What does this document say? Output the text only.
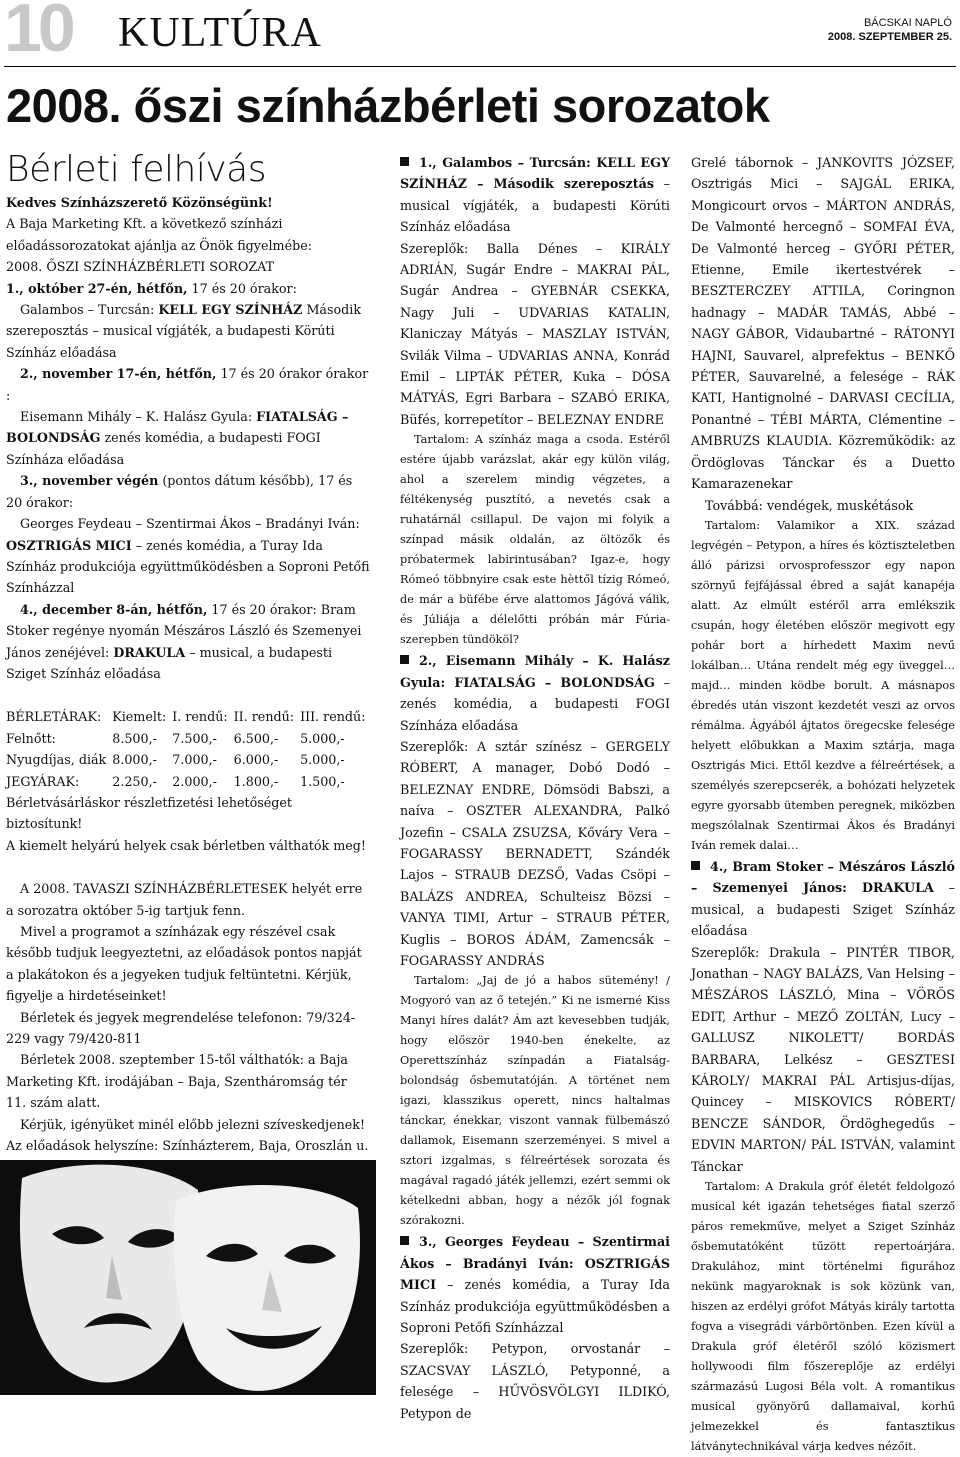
10 KULTÚRA	BÁCSKAI NAPLÓ
2008. SZEPTEMBER 25.
2008. őszi színházbérleti sorozatok

Bérleti felhívás

Kedves Színházszerető Közönségünk!

A Baja Marketing Kft. a következő színházi előadássorozatokat ajánlja az Önök figyelmébe:

2008. ŐSZI SZÍNHÁZBÉRLETI SOROZAT

1., október 27-én, hétfőn, 17 és 20 órakor:

Galambos – Turcsán: KELL EGY SZÍNHÁZ Második szereposztás – musical vígjáték, a budapesti Körúti Színház előadása

2., november 17-én, hétfőn, 17 és 20 órakor órakor :

Eisemann Mihály – K. Halász Gyula: FIATALSÁG – BOLONDSÁG zenés komédia, a budapesti FOGI Színháza előadása

3., november végén (pontos dátum később), 17 és 20 órakor:

Georges Feydeau – Szentirmai Ákos – Bradányi Iván: OSZTRIGÁS MICI – zenés komédia, a Turay Ida Színház produkciója együttműködésben a Soproni Petőfi Színházzal

4., december 8-án, hétfőn, 17 és 20 órakor: Bram Stoker regénye nyomán Mészáros László és Szemenyei János zenéjével: DRAKULA – musical, a budapesti Sziget Színház előadása

BÉRLETÁRAK:	Kiemelt:	I. rendű:	II. rendű:	III. rendű:
Felnőtt:	8.500,-	7.500,-	6.500,-	5.000,-
Nyugdíjas, diák	8.000,-	7.000,-	6.000,-	5.000,-
JEGYÁRAK:	2.250,-	2.000,-	1.800,-	1.500,-

Bérletvásárláskor részletfizetési lehetőséget biztosítunk!

A kiemelt helyárú helyek csak bérletben válthatók meg!

A 2008. TAVASZI SZÍNHÁZBÉRLETESEK helyét erre a sorozatra október 5-ig tartjuk fenn.

Mivel a programot a színházak egy részével csak később tudjuk leegyeztetni, az előadások pontos napját a plakátokon és a jegyeken tudjuk feltüntetni. Kérjük, figyelje a hirdetéseinket!

Bérletek és jegyek megrendelése telefonon: 79/324-229 vagy 79/420-811

Bérletek 2008. szeptember 15-től válthatók: a Baja Marketing Kft. irodájában – Baja, Szentháromság tér 11. szám alatt.

Kérjük, igényüket minél előbb jelezni szíveskedjenek!

Az előadások helyszíne: Színházterem, Baja, Oroszlán u.

1., Galambos – Turcsán: KELL EGY SZÍNHÁZ – Második szereposztás – musical vígjáték, a budapesti Körúti Színház előadása

Szereplők: Balla Dénes – KIRÁLY ADRIÁN, Sugár Endre – MAKRAI PÁL, Sugár Andrea – GYEBNÁR CSEKKA, Nagy Juli – UDVARIAS KATALIN, Klaniczay Mátyás – MASZLAY ISTVÁN, Svilák Vilma – UDVARIAS ANNA, Konrád Emil – LIPTÁK PÉTER, Kuka – DÓSA MÁTYÁS, Egri Barbara – SZABÓ ERIKA, Büfés, korrepetítor – BELEZNAY ENDRE

Tartalom: A színház maga a csoda. Estéről estére újabb varázslat, akár egy külön világ, ahol a szerelem mindig végzetes, a féltékenység pusztító, a nevetés csak a ruhatárnál csillapul. De vajon mi folyik a színpad másik oldalán, az öltözők és próbatermek labirintusában? Igaz-e, hogy Rómeó többnyire csak este hèttől tízig Rómeó, de már a büfébe érve alattomos Jágóvá válik, és Júliája a délelőtti próbán már Fúria-szerepben tündököl?

2., Eisemann Mihály – K. Halász Gyula: FIATALSÁG – BOLONDSÁG – zenés komédia, a budapesti FOGI Színháza előadása

Szereplők: A sztár színész – GERGELY RÓBERT, A manager, Dobó Dodó – BELEZNAY ENDRE, Dömsödi Babszi, a naíva – OSZTER ALEXANDRA, Palkó Jozefin – CSALA ZSUZSA, Kőváry Vera – FOGARASSY BERNADETT, Szándék Lajos – STRAUB DEZSŐ, Vadas Csöpi – BALÁZS ANDREA, Schulteisz Bözsi – VANYA TIMI, Artur – STRAUB PÉTER, Kuglis – BOROS ÁDÁM, Zamencsák – FOGARASSY ANDRÁS

Tartalom: „Jaj de jó a habos sütemény! / Mogyoró van az ő tetején.” Ki ne ismerné Kiss Manyi híres dalát? Ám azt kevesebben tudják, hogy először 1940-ben énekelte, az Operettszínház színpadán a Fiatalság-bolondság ősbemutatóján. A történet nem igazi, klasszikus operett, nincs haltalmas tánckar, énekkar, viszont vannak fülbemászó dallamok, Eisemann szerzeményei. S mivel a sztori izgalmas, s félreértések sorozata és magával ragadó játék jellemzi, ezért semmi ok kételkedni abban, hogy a nézők jól fognak szórakozni.

3., Georges Feydeau – Szentirmai Ákos – Bradányi Iván: OSZTRIGÁS MICI – zenés komédia, a Turay Ida Színház produkciója együttműködésben a Soproni Petőfi Színházzal

Szereplők: Petypon, orvostanár – SZACSVAY LÁSZLÓ, Petyponné, a felesége – HŰVÖSVÖLGYI ILDIKÓ, Petypon de

Grelé tábornok – JANKOVITS JÓZSEF, Osztrigás Mici – SAJGÁL ERIKA, Mongicourt orvos – MÁRTON ANDRÁS, De Valmonté hercegnő – SOMFAI ÉVA, De Valmonté herceg – GYŐRI PÉTER, Etienne, Emile ikertestvérek – BESZTERCZEY ATTILA, Coringnon hadnagy – MADÁR TAMÁS, Abbé – NAGY GÁBOR, Vidaubartné – RÁTONYI HAJNI, Sauvarel, alprefektus – BENKŐ PÉTER, Sauvarelné, a felesége – RÁK KATI, Hantignolné – DARVASI CECÍLIA, Ponantné – TÉBI MÁRTA, Clémentine – AMBRUZS KLAUDIA. Közreműködik: az Ördöglovas Tánckar és a Duetto Kamarazenekar

Továbbá: vendégek, muskétások

Tartalom: Valamikor a XIX. század legvégén – Petypon, a híres és köztiszteletben álló párizsi orvosprofesszor egy napon szörnyű fejfájással ébred a saját kanapéja alatt. Az elmúlt estéről arra emlékszik csupán, hogy életében először megivott egy pohár bort a hírhedett Maxim nevű lokálban… Utána rendelt még egy üveggel… majd… minden ködbe borult. A másnapos ébredés után viszont kezdetét veszi az orvos rémálma. Ágyából ájtatos öregecske felesége helyett előbukkan a Maxim sztárja, maga Osztrigás Mici. Ettől kezdve a félreértések, a személyés szerepcserék, a bohózati helyzetek egyre gyorsabb ütemben peregnek, miközben megszólalnak Szentirmai Ákos és Bradányi Iván remek dalai…

4., Bram Stoker – Mészáros László – Szemenyei János: DRAKULA – musical, a budapesti Sziget Színház előadása

Szereplők: Drakula – PINTÉR TIBOR, Jonathan – NAGY BALÁZS, Van Helsing – MÉSZÁROS LÁSZLÓ, Mina – VÖRÖS EDIT, Arthur – MEZŐ ZOLTÁN, Lucy – GALLUSZ NIKOLETT/ BORDÁS BARBARA, Lelkész – GESZTESI KÁROLY/ MAKRAI PÁL Artisjus-díjas, Quincey – MISKOVICS RÓBERT/ BENCZE SÁNDOR, Ördöghegedűs – EDVIN MARTON/ PÁL ISTVÁN, valamint Tánckar

Tartalom: A Drakula gróf életét feldolgozó musical két igazán tehetséges fiatal szerző páros remekműve, melyet a Sziget Színház ősbemutatóként tűzött repertoárjára. Drakulához, mint történelmi figurához nekünk magyaroknak is sok közünk van, hiszen az erdélyi grófot Mátyás király tartotta fogva a visegrádi várbörtönben. Ezen kívül a Drakula gróf életéről szóló közismert hollywoodi film főszereplője az erdélyi származású Lugosi Béla volt. A romantikus musical gyönyörű dallamaival, korhű jelmezekkel és fantasztikus látványtechnikával várja kedves nézőit.
